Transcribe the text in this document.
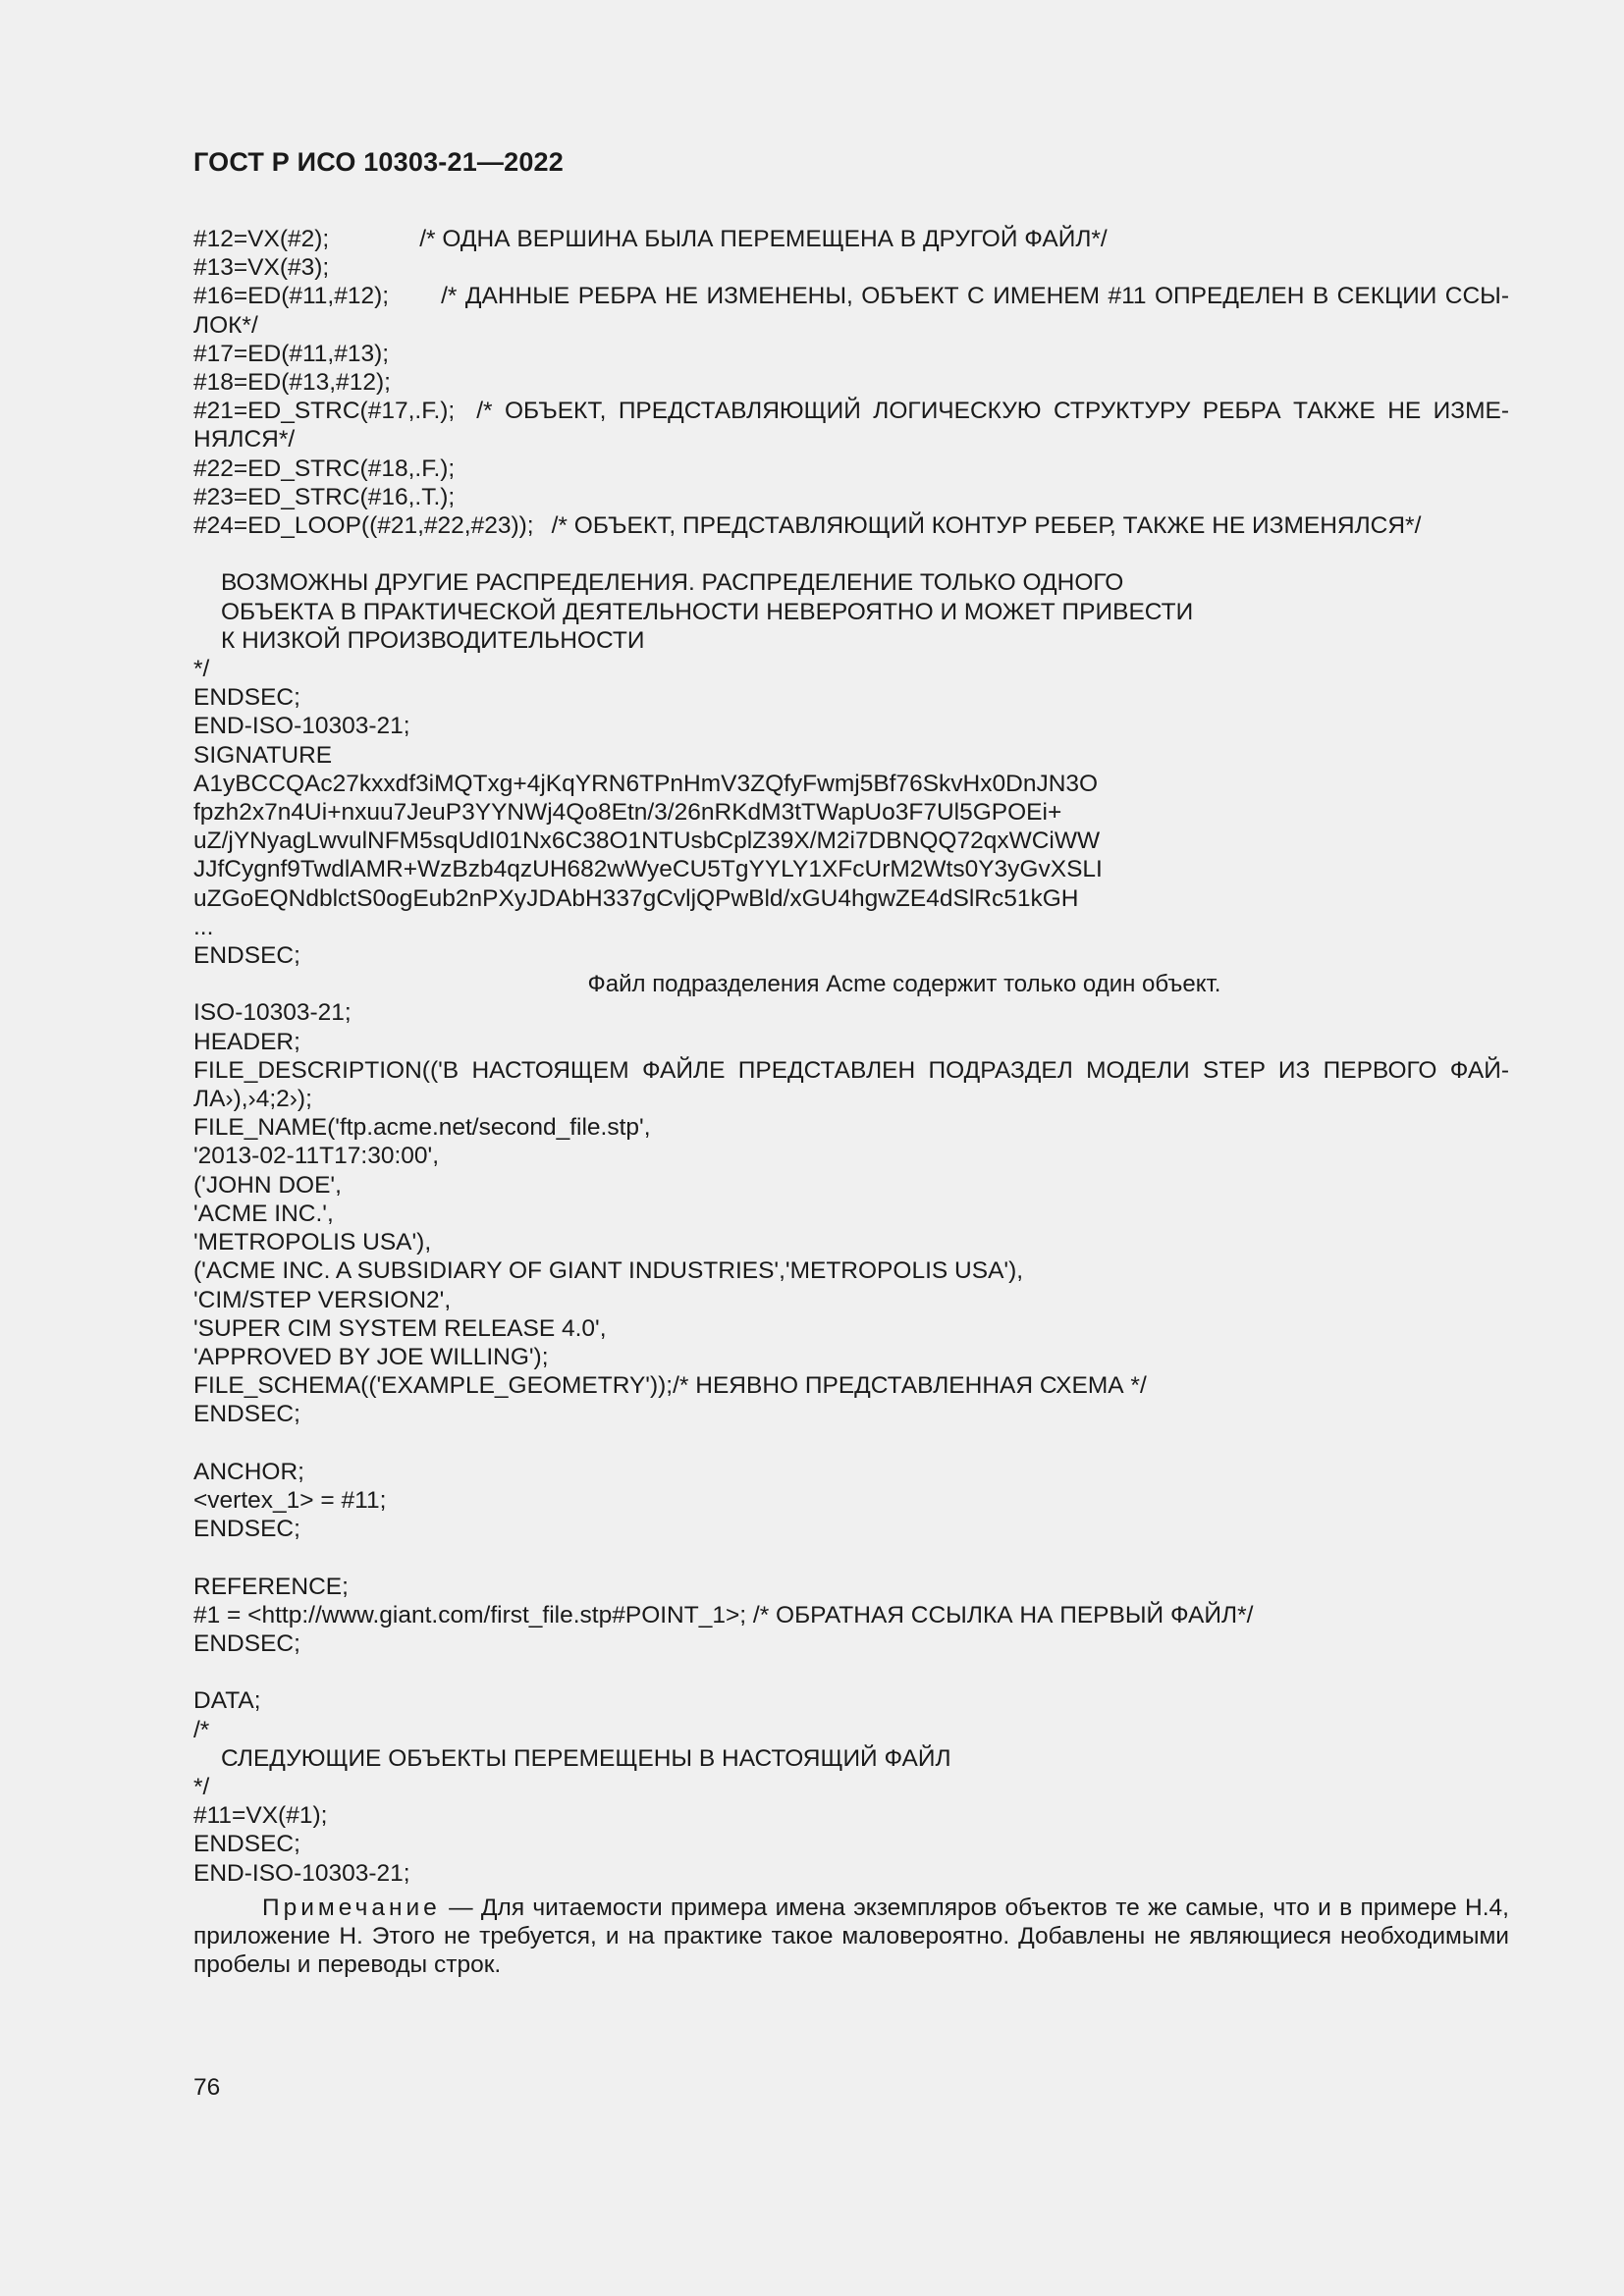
ГОСТ Р ИСО 10303-21—2022
#12=VX(#2);	/* ОДНА ВЕРШИНА БЫЛА ПЕРЕМЕЩЕНА В ДРУГОЙ ФАЙЛ*/
#13=VX(#3);
#16=ED(#11,#12); /* ДАННЫЕ РЕБРА НЕ ИЗМЕНЕНЫ, ОБЪЕКТ С ИМЕНЕМ #11 ОПРЕДЕЛЕН В СЕКЦИИ ССЫ-
ЛОК*/
#17=ED(#11,#13);
#18=ED(#13,#12);
#21=ED_STRC(#17,.F.); /* ОБЪЕКТ, ПРЕДСТАВЛЯЮЩИЙ ЛОГИЧЕСКУЮ СТРУКТУРУ РЕБРА ТАКЖЕ НЕ ИЗМЕ-
НЯЛСЯ*/
#22=ED_STRC(#18,.F.);
#23=ED_STRC(#16,.T.);
#24=ED_LOOP((#21,#22,#23)); /* ОБЪЕКТ, ПРЕДСТАВЛЯЮЩИЙ КОНТУР РЕБЕР, ТАКЖЕ НЕ ИЗМЕНЯЛСЯ*/
ВОЗМОЖНЫ ДРУГИЕ РАСПРЕДЕЛЕНИЯ. РАСПРЕДЕЛЕНИЕ ТОЛЬКО ОДНОГО
ОБЪЕКТА В ПРАКТИЧЕСКОЙ ДЕЯТЕЛЬНОСТИ НЕВЕРОЯТНО И МОЖЕТ ПРИВЕСТИ
К НИЗКОЙ ПРОИЗВОДИТЕЛЬНОСТИ
*/
ENDSEC;
END-ISO-10303-21;
SIGNATURE
A1yBCCQAc27kxxdf3iMQTxg+4jKqYRN6TPnHmV3ZQfyFwmj5Bf76SkvHx0DnJN3O
fpzh2x7n4Ui+nxuu7JeuP3YYNWj4Qo8Etn/3/26nRKdM3tTWapUo3F7Ul5GPOEi+
uZ/jYNyagLwvulNFM5sqUdI01Nx6C38O1NTUsbCplZ39X/M2i7DBNQQ72qxWCiWW
JJfCygnf9TwdlAMR+WzBzb4qzUH682wWyeCU5TgYYLY1XFcUrM2Wts0Y3yGvXSLI
uZGoEQNdblctS0ogEub2nPXyJDAbH337gCvljQPwBld/xGU4hgwZE4dSlRc51kGH
...
ENDSEC;
Файл подразделения Acme содержит только один объект.
ISO-10303-21;
HEADER;
FILE_DESCRIPTION(('В НАСТОЯЩЕМ ФАЙЛЕ ПРЕДСТАВЛЕН ПОДРАЗДЕЛ МОДЕЛИ STEP ИЗ ПЕРВОГО ФАЙ-
ЛА›),›4;2›);
FILE_NAME('ftp.acme.net/second_file.stp',
'2013-02-11T17:30:00',
('JOHN DOE',
'ACME INC.',
'METROPOLIS USA'),
('ACME INC. A SUBSIDIARY OF GIANT INDUSTRIES','METROPOLIS USA'),
'CIM/STEP VERSION2',
'SUPER CIM SYSTEM RELEASE 4.0',
'APPROVED BY JOE WILLING');
FILE_SCHEMA(('EXAMPLE_GEOMETRY'));/* НЕЯВНО ПРЕДСТАВЛЕННАЯ СХЕМА */
ENDSEC;
ANCHOR;
<vertex_1> = #11;
ENDSEC;
REFERENCE;
#1 = <http://www.giant.com/first_file.stp#POINT_1>; /* ОБРАТНАЯ ССЫЛКА НА ПЕРВЫЙ ФАЙЛ*/
ENDSEC;
DATA;
/*
СЛЕДУЮЩИЕ ОБЪЕКТЫ ПЕРЕМЕЩЕНЫ В НАСТОЯЩИЙ ФАЙЛ
*/
#11=VX(#1);
ENDSEC;
END-ISO-10303-21;

Примечание — Для читаемости примера имена экземпляров объектов те же самые, что и в примере Н.4, приложение Н. Этого не требуется, и на практике такое маловероятно. Добавлены не являющиеся необходимыми пробелы и переводы строк.

76
